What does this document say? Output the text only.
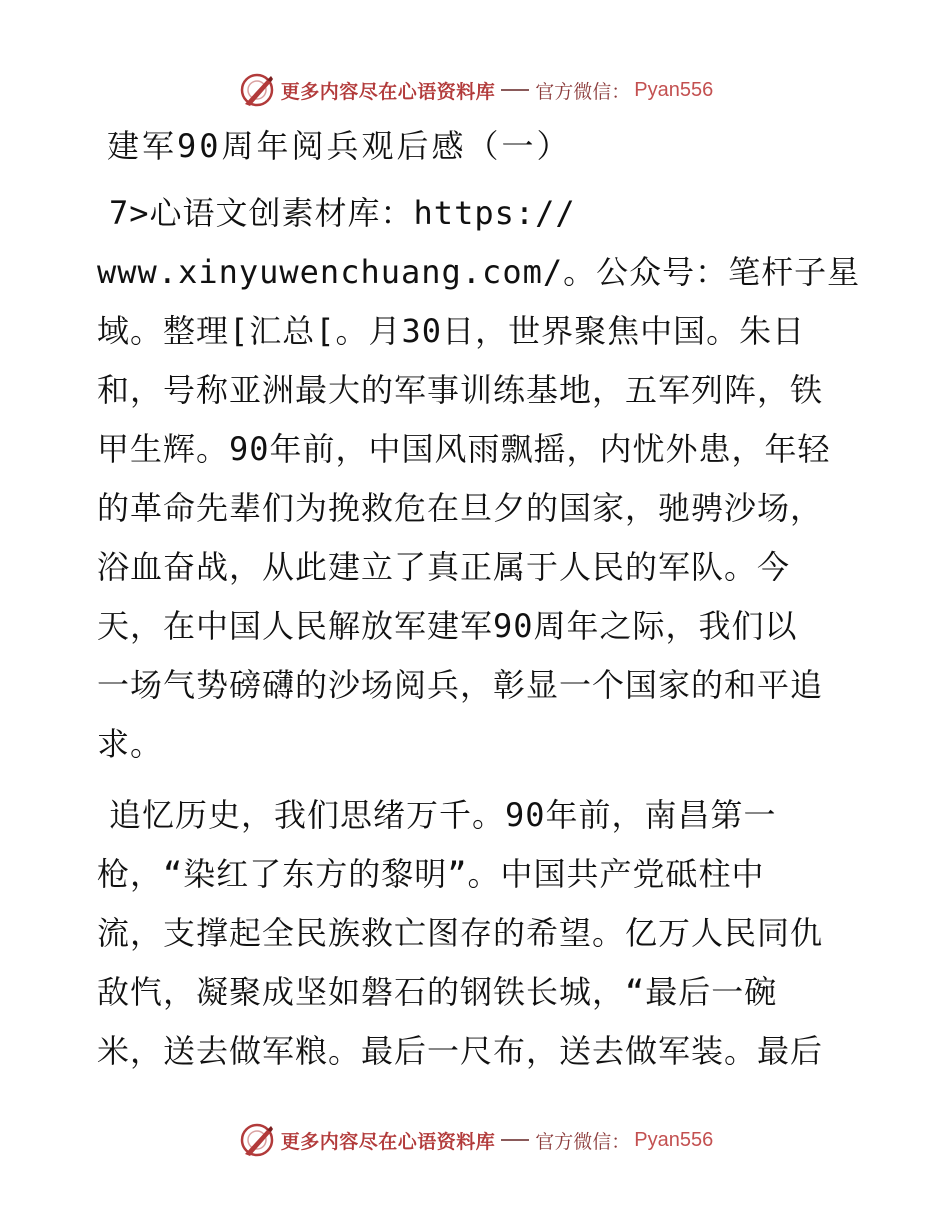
更多内容尽在心语资料库 官方微信： Pyan556
建军90周年阅兵观后感（一）
7>心语文创素材库：https://
www.xinyuwenchuang.com/。公众号：笔杆子星
域。整理[汇总[。月30日，世界聚焦中国。朱日
和，号称亚洲最大的军事训练基地，五军列阵，铁
甲生辉。90年前，中国风雨飘摇，内忧外患，年轻
的革命先辈们为挽救危在旦夕的国家，驰骋沙场，
浴血奋战，从此建立了真正属于人民的军队。今
天，在中国人民解放军建军90周年之际，我们以
一场气势磅礴的沙场阅兵，彰显一个国家的和平追
求。
追忆历史，我们思绪万千。90年前，南昌第一
枪，“染红了东方的黎明”。中国共产党砥柱中
流，支撑起全民族救亡图存的希望。亿万人民同仇
敌忾，凝聚成坚如磐石的钢铁长城，“最后一碗
米，送去做军粮。最后一尺布，送去做军装。最后
更多内容尽在心语资料库 官方微信： Pyan556
